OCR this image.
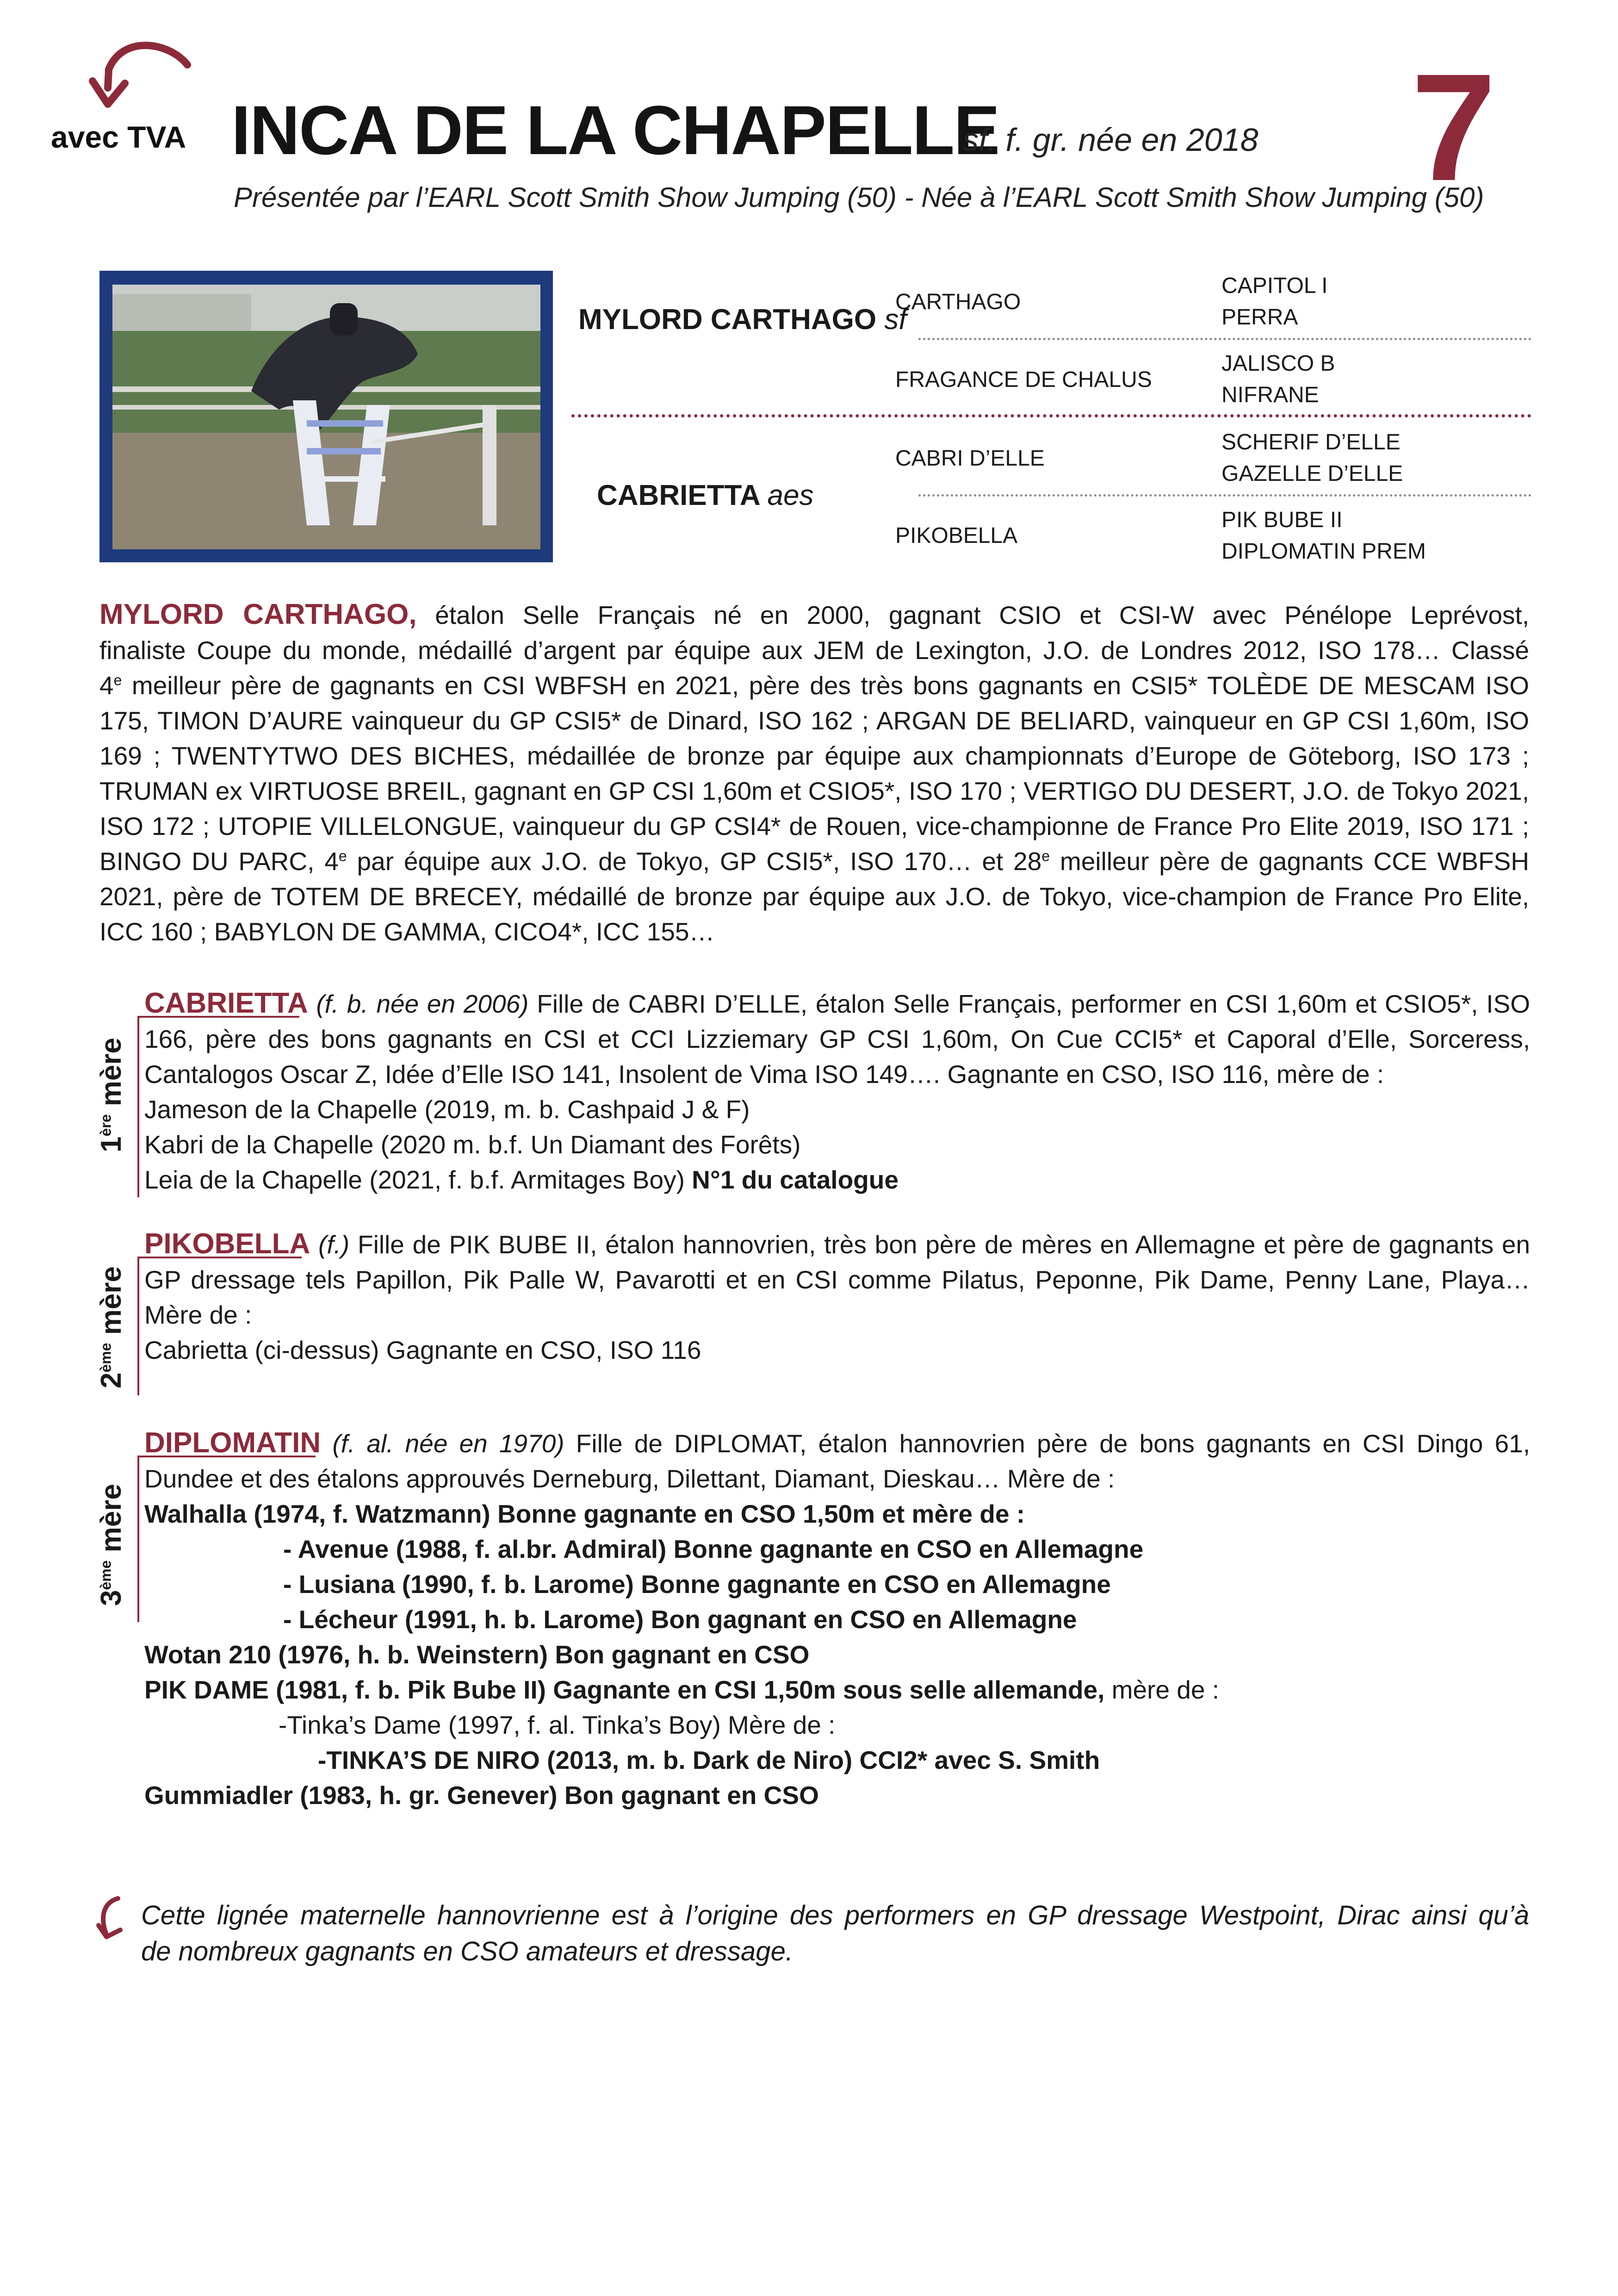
avec TVA INCA DE LA CHAPELLE
sf. f. gr. née en 2018 7
Présentée par l’EARL Scott Smith Show Jumping (50) - Née à l’EARL Scott Smith Show Jumping (50)
MYLORD CARTHAGO sf
CABRIETTA aes
CARTHAGO
FRAGANCE DE CHALUS
CABRI D’ELLE
PIKOBELLA
CAPITOL I
PERRA
JALISCO B
NIFRANE
SCHERIF D’ELLE
GAZELLE D’ELLE
PIK BUBE II
DIPLOMATIN PREM
MYLORD CARTHAGO, étalon Selle Français né en 2000, gagnant CSIO et CSI-W avec Pénélope Leprévost,
finaliste Coupe du monde, médaillé d’argent par équipe aux JEM de Lexington, J.O. de Londres 2012, ISO 178… Classé
4e meilleur père de gagnants en CSI WBFSH en 2021, père des très bons gagnants en CSI5* TOLÈDE DE MESCAM ISO
175, TIMON D’AURE vainqueur du GP CSI5* de Dinard, ISO 162 ; ARGAN DE BELIARD, vainqueur en GP CSI 1,60m, ISO
169 ; TWENTYTWO DES BICHES, médaillée de bronze par équipe aux championnats d’Europe de Göteborg, ISO 173 ;
TRUMAN ex VIRTUOSE BREIL, gagnant en GP CSI 1,60m et CSIO5*, ISO 170 ; VERTIGO DU DESERT, J.O. de Tokyo 2021,
ISO 172 ; UTOPIE VILLELONGUE, vainqueur du GP CSI4* de Rouen, vice-championne de France Pro Elite 2019, ISO 171 ;
BINGO DU PARC, 4e par équipe aux J.O. de Tokyo, GP CSI5*, ISO 170… et 28e meilleur père de gagnants CCE WBFSH
2021, père de TOTEM DE BRECEY, médaillé de bronze par équipe aux J.O. de Tokyo, vice-champion de France Pro Elite,
ICC 160 ; BABYLON DE GAMMA, CICO4*, ICC 155…
1ère mère
CABRIETTA (f. b. née en 2006) Fille de CABRI D’ELLE, étalon Selle Français, performer en CSI 1,60m et CSIO5*, ISO
166, père des bons gagnants en CSI et CCI Lizziemary GP CSI 1,60m, On Cue CCI5* et Caporal d’Elle, Sorceress,
Cantalogos Oscar Z, Idée d’Elle ISO 141, Insolent de Vima ISO 149…. Gagnante en CSO, ISO 116, mère de :
Jameson de la Chapelle (2019, m. b. Cashpaid J & F)
Kabri de la Chapelle (2020 m. b.f. Un Diamant des Forêts)
Leia de la Chapelle (2021, f. b.f. Armitages Boy) N°1 du catalogue
2ème mère
PIKOBELLA (f.) Fille de PIK BUBE II, étalon hannovrien, très bon père de mères en Allemagne et père de gagnants en
GP dressage tels Papillon, Pik Palle W, Pavarotti et en CSI comme Pilatus, Peponne, Pik Dame, Penny Lane, Playa…
Mère de :
Cabrietta (ci-dessus) Gagnante en CSO, ISO 116
3ème mère
DIPLOMATIN (f. al. née en 1970) Fille de DIPLOMAT, étalon hannovrien père de bons gagnants en CSI Dingo 61,
Dundee et des étalons approuvés Derneburg, Dilettant, Diamant, Dieskau… Mère de :
Walhalla (1974, f. Watzmann) Bonne gagnante en CSO 1,50m et mère de :
- Avenue (1988, f. al.br. Admiral) Bonne gagnante en CSO en Allemagne
- Lusiana (1990, f. b. Larome) Bonne gagnante en CSO en Allemagne
- Lécheur (1991, h. b. Larome) Bon gagnant en CSO en Allemagne
Wotan 210 (1976, h. b. Weinstern) Bon gagnant en CSO
PIK DAME (1981, f. b. Pik Bube II) Gagnante en CSI 1,50m sous selle allemande, mère de :
-Tinka’s Dame (1997, f. al. Tinka’s Boy) Mère de :
-TINKA’S DE NIRO (2013, m. b. Dark de Niro) CCI2* avec S. Smith
Gummiadler (1983, h. gr. Genever) Bon gagnant en CSO
Cette lignée maternelle hannovrienne est à l’origine des performers en GP dressage Westpoint, Dirac ainsi qu’à
de nombreux gagnants en CSO amateurs et dressage.
